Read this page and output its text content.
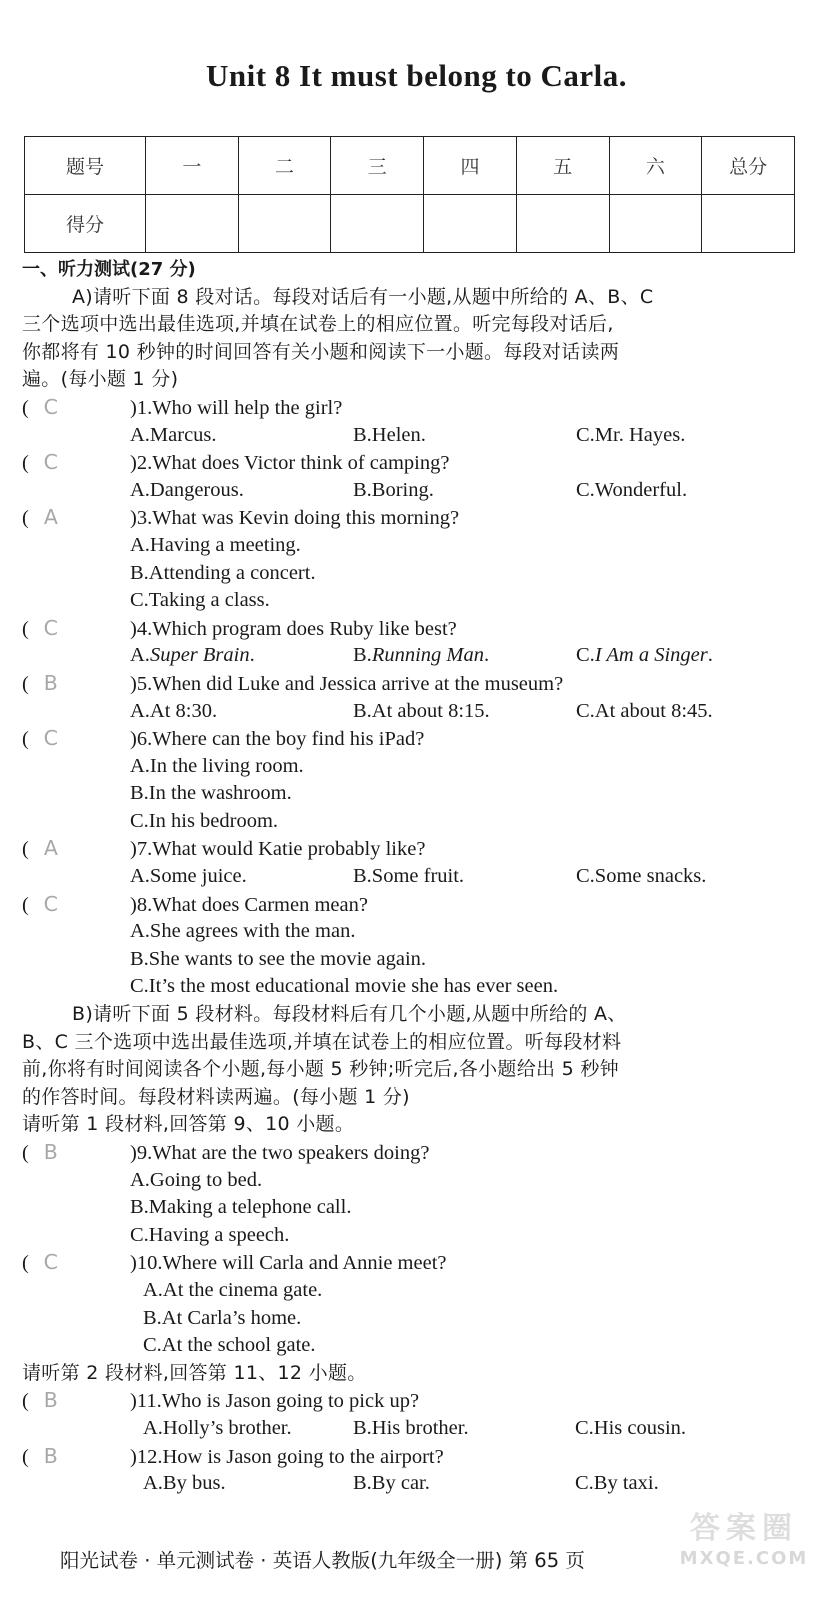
Unit 8 It must belong to Carla.
题号	一	二	三	四	五	六	总分
得分							
一、听力测试(27 分)
A)请听下面 8 段对话。每段对话后有一小题,从题中所给的 A、B、C
三个选项中选出最佳选项,并填在试卷上的相应位置。听完每段对话后,
你都将有 10 秒钟的时间回答有关小题和阅读下一小题。每段对话读两
遍。(每小题 1 分)
( C	)1.Who will help the girl?
A.Marcus.	B.Helen.	C.Mr. Hayes.
( C	)2.What does Victor think of camping?
A.Dangerous.	B.Boring.	C.Wonderful.
( A	)3.What was Kevin doing this morning?
A.Having a meeting.
B.Attending a concert.
C.Taking a class.
( C	)4.Which program does Ruby like best?
A.Super Brain.	B.Running Man.	C.I Am a Singer.
( B	)5.When did Luke and Jessica arrive at the museum?
A.At 8:30.	B.At about 8:15.	C.At about 8:45.
( C	)6.Where can the boy find his iPad?
A.In the living room.
B.In the washroom.
C.In his bedroom.
( A	)7.What would Katie probably like?
A.Some juice.	B.Some fruit.	C.Some snacks.
( C	)8.What does Carmen mean?
A.She agrees with the man.
B.She wants to see the movie again.
C.It’s the most educational movie she has ever seen.
B)请听下面 5 段材料。每段材料后有几个小题,从题中所给的 A、
B、C 三个选项中选出最佳选项,并填在试卷上的相应位置。听每段材料
前,你将有时间阅读各个小题,每小题 5 秒钟;听完后,各小题给出 5 秒钟
的作答时间。每段材料读两遍。(每小题 1 分)
请听第 1 段材料,回答第 9、10 小题。
( B	)9.What are the two speakers doing?
A.Going to bed.
B.Making a telephone call.
C.Having a speech.
( C	)10.Where will Carla and Annie meet?
A.At the cinema gate.
B.At Carla’s home.
C.At the school gate.
请听第 2 段材料,回答第 11、12 小题。
( B	)11.Who is Jason going to pick up?
A.Holly’s brother.	B.His brother.	C.His cousin.
( B	)12.How is Jason going to the airport?
A.By bus.	B.By car.	C.By taxi.
阳光试卷 · 单元测试卷 · 英语人教版(九年级全一册) 第 65 页
答案圈
MXQE.COM
